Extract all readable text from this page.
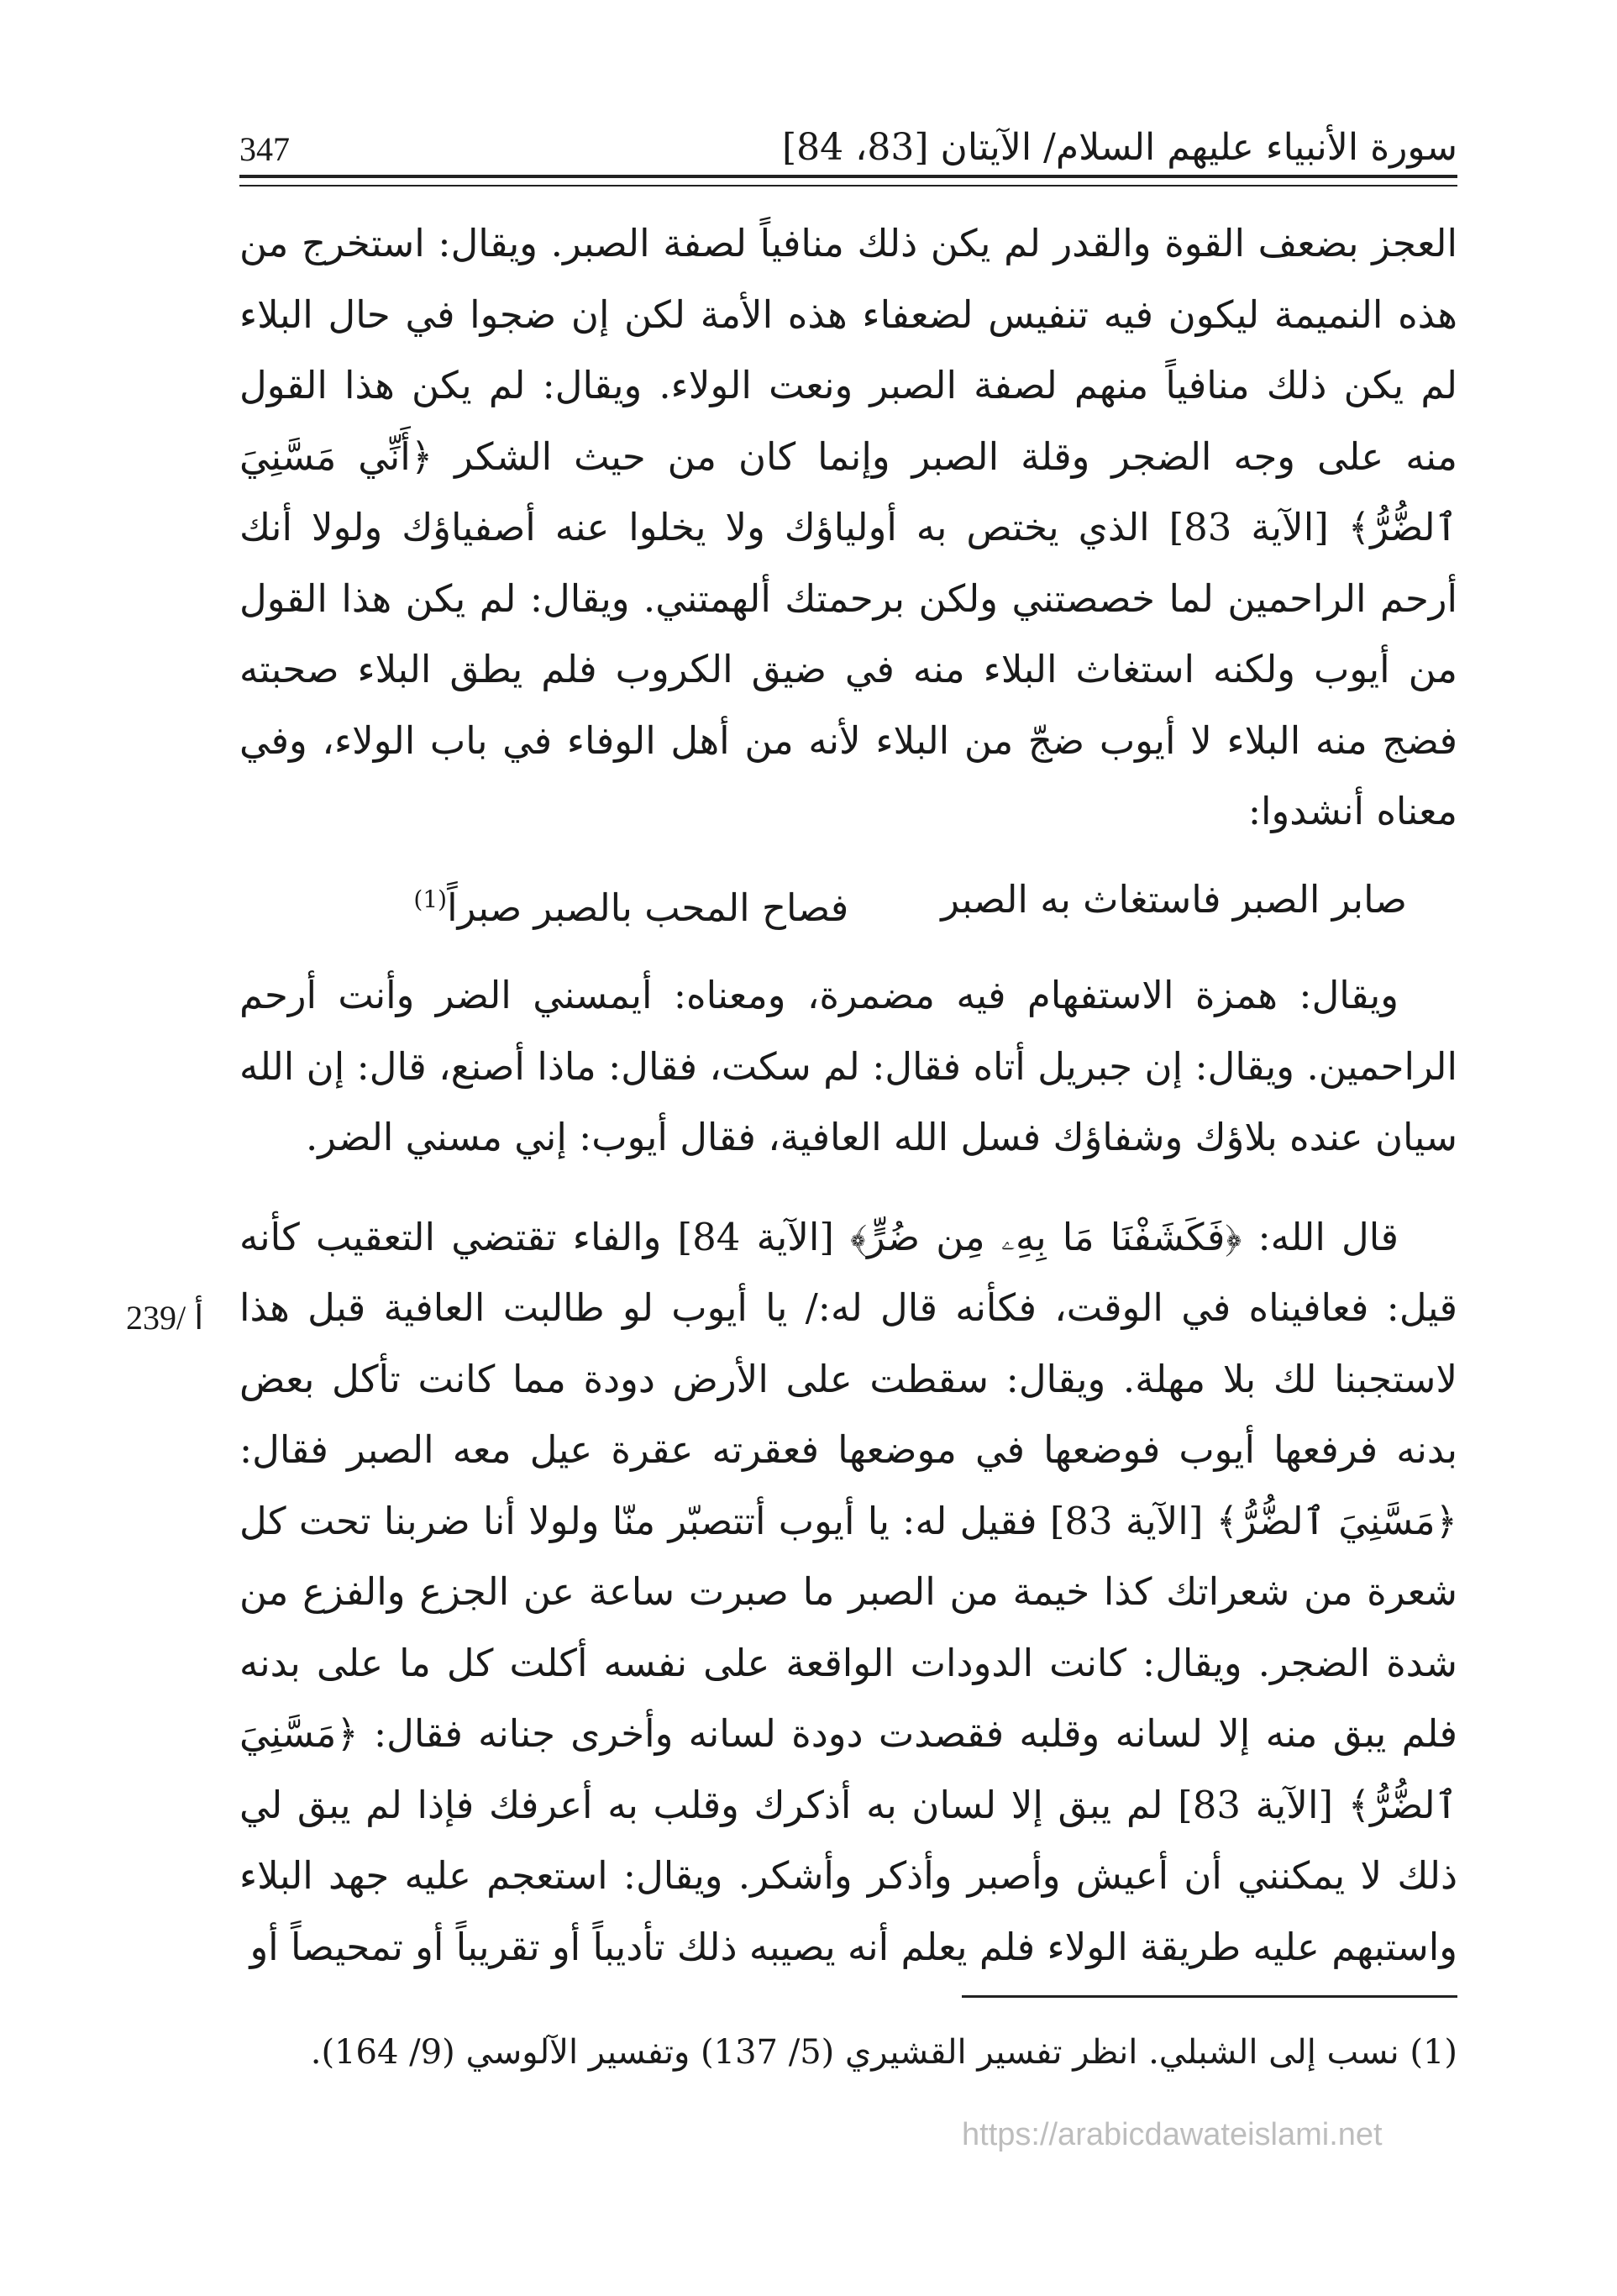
347	سورة الأنبياء عليهم السلام/ الآيتان [83، 84]

العجز بضعف القوة والقدر لم يكن ذلك منافياً لصفة الصبر. ويقال: استخرج من هذه النميمة ليكون فيه تنفيس لضعفاء هذه الأمة لكن إن ضجوا في حال البلاء لم يكن ذلك منافياً منهم لصفة الصبر ونعت الولاء. ويقال: لم يكن هذا القول منه على وجه الضجر وقلة الصبر وإنما كان من حيث الشكر ﴿أَنِّي مَسَّنِيَ ٱلضُّرُّ﴾ [الآية 83] الذي يختص به أولياؤك ولا يخلوا عنه أصفياؤك ولولا أنك أرحم الراحمين لما خصصتني ولكن برحمتك ألهمتني. ويقال: لم يكن هذا القول من أيوب ولكنه استغاث البلاء منه في ضيق الكروب فلم يطق البلاء صحبته فضج منه البلاء لا أيوب ضجّ من البلاء لأنه من أهل الوفاء في باب الولاء، وفي معناه أنشدوا:

صابر الصبر فاستغاث به الصبر
فصاح المحب بالصبر صبراً$^{(1)}$

ويقال: همزة الاستفهام فيه مضمرة، ومعناه: أيمسني الضر وأنت أرحم الراحمين. ويقال: إن جبريل أتاه فقال: لم سكت، فقال: ماذا أصنع، قال: إن الله سيان عنده بلاؤك وشفاؤك فسل الله العافية، فقال أيوب: إني مسني الضر.

قال الله: ﴿فَكَشَفْنَا مَا بِهِۦ مِن ضُرٍّ﴾ [الآية 84] والفاء تقتضي التعقيب كأنه قيل: فعافيناه في الوقت، فكأنه قال له:/ يا أيوب لو طالبت العافية قبل هذا لاستجبنا لك بلا مهلة. ويقال: سقطت على الأرض دودة مما كانت تأكل بعض بدنه فرفعها أيوب فوضعها في موضعها فعقرته عقرة عيل معه الصبر فقال: ﴿مَسَّنِيَ ٱلضُّرُّ﴾ [الآية 83] فقيل له: يا أيوب أتتصبّر منّا ولولا أنا ضربنا تحت كل شعرة من شعراتك كذا خيمة من الصبر ما صبرت ساعة عن الجزع والفزع من شدة الضجر. ويقال: كانت الدودات الواقعة على نفسه أكلت كل ما على بدنه فلم يبق منه إلا لسانه وقلبه فقصدت دودة لسانه وأخرى جنانه فقال: ﴿مَسَّنِيَ ٱلضُّرُّ﴾ [الآية 83] لم يبق إلا لسان به أذكرك وقلب به أعرفك فإذا لم يبق لي ذلك لا يمكنني أن أعيش وأصبر وأذكر وأشكر. ويقال: استعجم عليه جهد البلاء واستبهم عليه طريقة الولاء فلم يعلم أنه يصيبه ذلك تأديباً أو تقريباً أو تمحيصاً أو

239/ أ
(1) نسب إلى الشبلي. انظر تفسير القشيري (5/ 137) وتفسير الآلوسي (9/ 164).
https://arabicdawateislami.net
